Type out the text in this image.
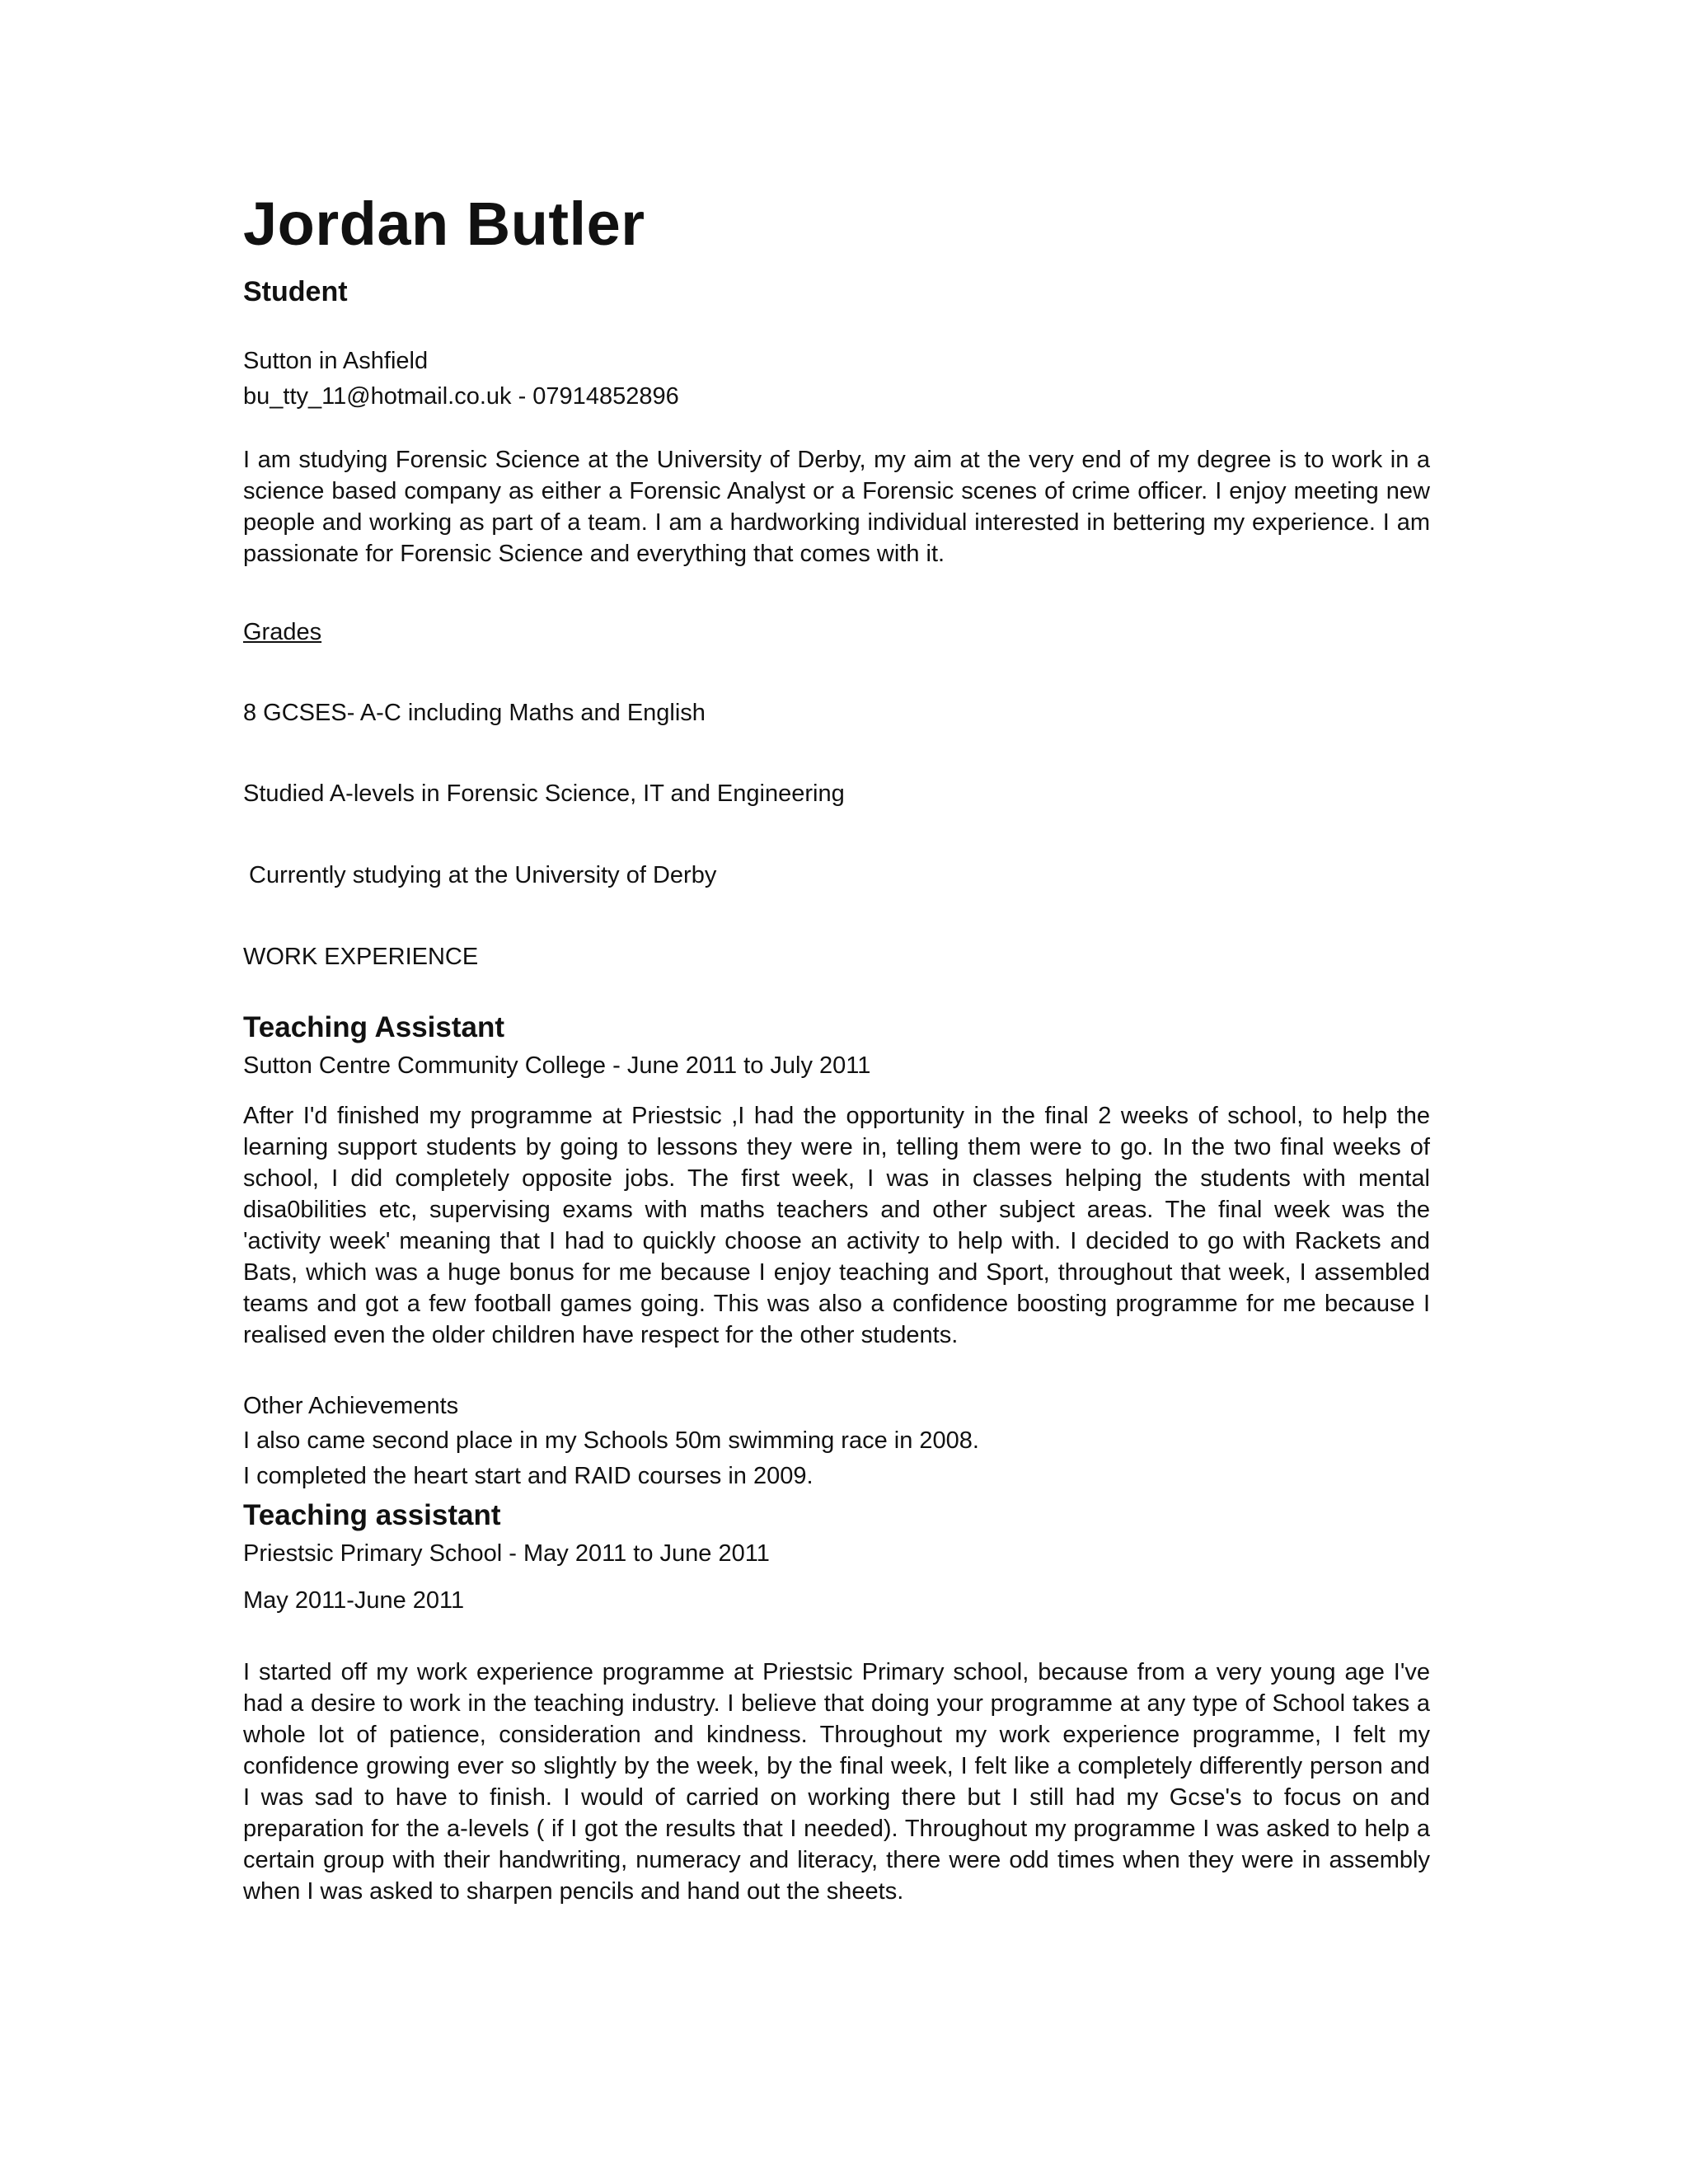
Jordan Butler
Student
Sutton in Ashfield
bu_tty_11@hotmail.co.uk - 07914852896
I am studying Forensic Science at the University of Derby, my aim at the very end of my degree is to work in a science based company as either a Forensic Analyst or a Forensic scenes of crime officer. I enjoy meeting new people and working as part of a team. I am a hardworking individual interested in bettering my experience. I am passionate for Forensic Science and everything that comes with it.
Grades
8 GCSES- A-C including Maths and English
Studied A-levels in Forensic Science, IT and Engineering
Currently studying at the University of Derby
WORK EXPERIENCE
Teaching Assistant
Sutton Centre Community College - June 2011 to July 2011
After I'd finished my programme at Priestsic ,I had the opportunity in the final 2 weeks of school, to help the learning support students by going to lessons they were in, telling them were to go. In the two final weeks of school, I did completely opposite jobs. The first week, I was in classes helping the students with mental disa0bilities etc, supervising exams with maths teachers and other subject areas. The final week was the 'activity week' meaning that I had to quickly choose an activity to help with. I decided to go with Rackets and Bats, which was a huge bonus for me because I enjoy teaching and Sport, throughout that week, I assembled teams and got a few football games going. This was also a confidence boosting programme for me because I realised even the older children have respect for the other students.
Other Achievements
I also came second place in my Schools 50m swimming race in 2008.
I completed the heart start and RAID courses in 2009.
Teaching assistant
Priestsic Primary School - May 2011 to June 2011
May 2011-June 2011
I started off my work experience programme at Priestsic Primary school, because from a very young age I've had a desire to work in the teaching industry. I believe that doing your programme at any type of School takes a whole lot of patience, consideration and kindness. Throughout my work experience programme, I felt my confidence growing ever so slightly by the week, by the final week, I felt like a completely differently person and I was sad to have to finish. I would of carried on working there but I still had my Gcse's to focus on and preparation for the a-levels ( if I got the results that I needed). Throughout my programme I was asked to help a certain group with their handwriting, numeracy and literacy, there were odd times when they were in assembly when I was asked to sharpen pencils and hand out the sheets.
